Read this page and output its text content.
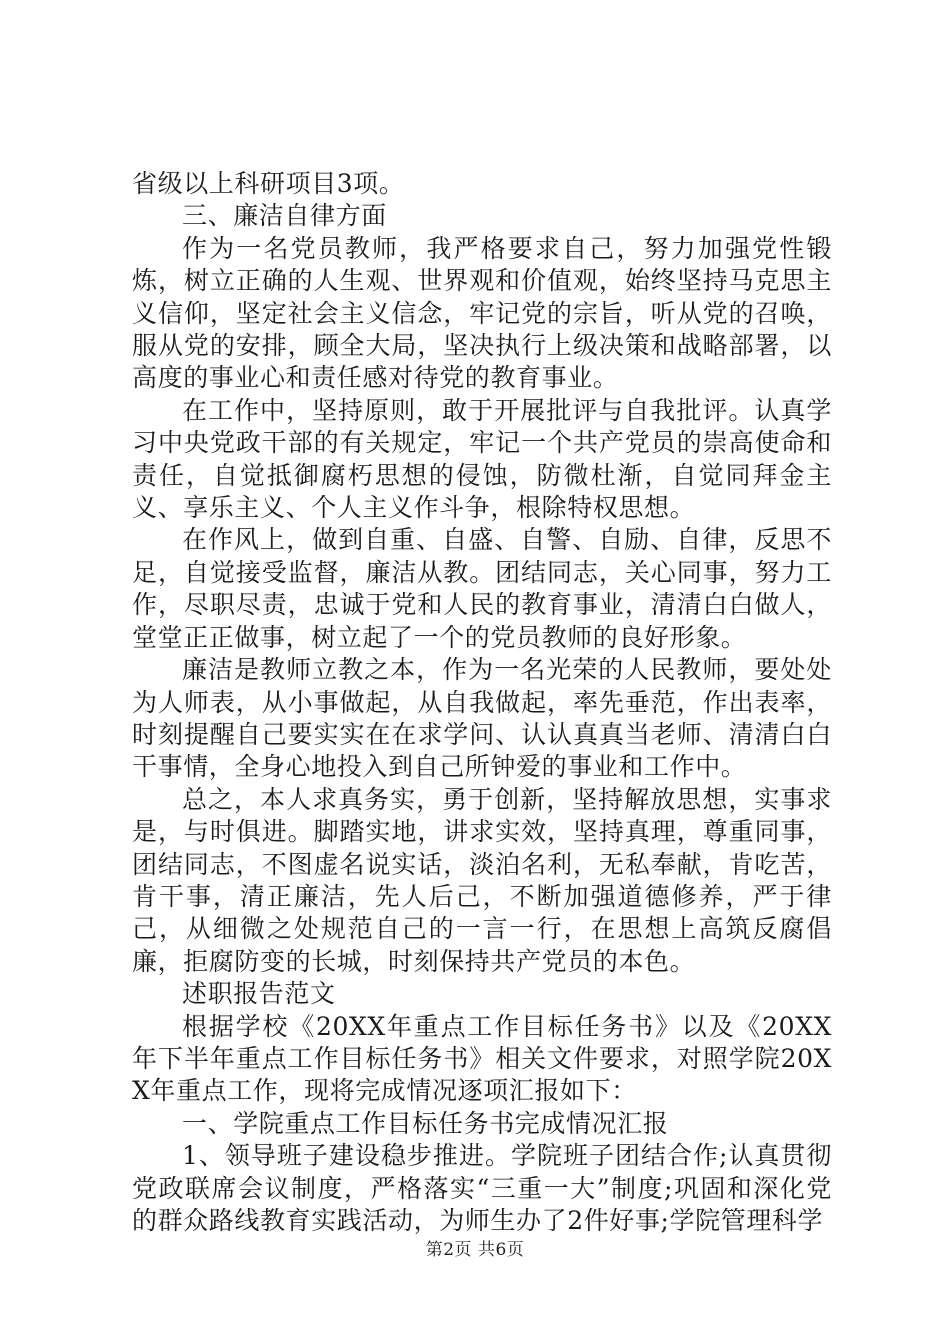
省级以上科研项目3项。

三、廉洁自律方面

作为一名党员教师，我严格要求自己，努力加强党性锻炼，树立正确的人生观、世界观和价值观，始终坚持马克思主义信仰，坚定社会主义信念，牢记党的宗旨，听从党的召唤，服从党的安排，顾全大局，坚决执行上级决策和战略部署，以高度的事业心和责任感对待党的教育事业。

在工作中，坚持原则，敢于开展批评与自我批评。认真学习中央党政干部的有关规定，牢记一个共产党员的崇高使命和责任，自觉抵御腐朽思想的侵蚀，防微杜渐，自觉同拜金主义、享乐主义、个人主义作斗争，根除特权思想。

在作风上，做到自重、自盛、自警、自励、自律，反思不足，自觉接受监督，廉洁从教。团结同志，关心同事，努力工作，尽职尽责，忠诚于党和人民的教育事业，清清白白做人，堂堂正正做事，树立起了一个的党员教师的良好形象。

廉洁是教师立教之本，作为一名光荣的人民教师，要处处为人师表，从小事做起，从自我做起，率先垂范，作出表率，时刻提醒自己要实实在在求学问、认认真真当老师、清清白白干事情，全身心地投入到自己所钟爱的事业和工作中。

总之，本人求真务实，勇于创新，坚持解放思想，实事求是，与时俱进。脚踏实地，讲求实效，坚持真理，尊重同事，团结同志，不图虚名说实话，淡泊名利，无私奉献，肯吃苦，肯干事，清正廉洁，先人后己，不断加强道德修养，严于律己，从细微之处规范自己的一言一行，在思想上高筑反腐倡廉，拒腐防变的长城，时刻保持共产党员的本色。

述职报告范文

根据学校《20XX年重点工作目标任务书》以及《20XX年下半年重点工作目标任务书》相关文件要求，对照学院20XX年重点工作，现将完成情况逐项汇报如下：

一、学院重点工作目标任务书完成情况汇报

1、领导班子建设稳步推进。学院班子团结合作;认真贯彻党政联席会议制度，严格落实“三重一大”制度;巩固和深化党的群众路线教育实践活动，为师生办了2件好事;学院管理科学

第2页 共6页
